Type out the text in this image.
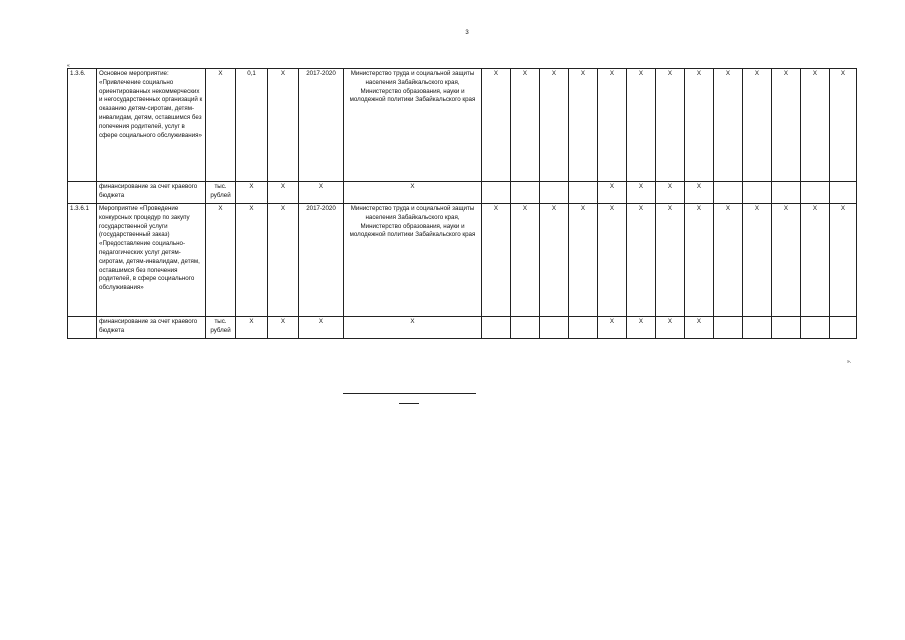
3
«
1.3.6.	Основное мероприятие: «Привлечение социально ориентированных некоммерческих и негосударственных организаций к оказанию детям-сиротам, детям-инвалидам, детям, оставшимся без попечения родителей, услуг в сфере социального обслуживания»	Х	0,1	Х	2017-2020	Министерство труда и социальной защиты населения Забайкальского края, Министерство образования, науки и молодежной политики Забайкальского края	Х	Х	Х	Х	Х	Х	Х	Х	Х	Х	Х	Х	Х
	финансирование за счет краевого бюджета	тыс. рублей	Х	Х	Х	Х					Х	Х	Х	Х					
1.3.6.1	Мероприятие «Проведение конкурсных процедур по закупу государственной услуги (государственный заказ) «Предоставление социально-педагогических услуг детям-сиротам, детям-инвалидам, детям, оставшимся без попечения родителей, в сфере социального обслуживания»	Х	Х	Х	2017-2020	Министерство труда и социальной защиты населения Забайкальского края, Министерство образования, науки и молодежной политики Забайкальского края	Х	Х	Х	Х	Х	Х	Х	Х	Х	Х	Х	Х	Х
	финансирование за счет краевого бюджета	тыс. рублей	Х	Х	Х	Х					Х	Х	Х	Х					
».
